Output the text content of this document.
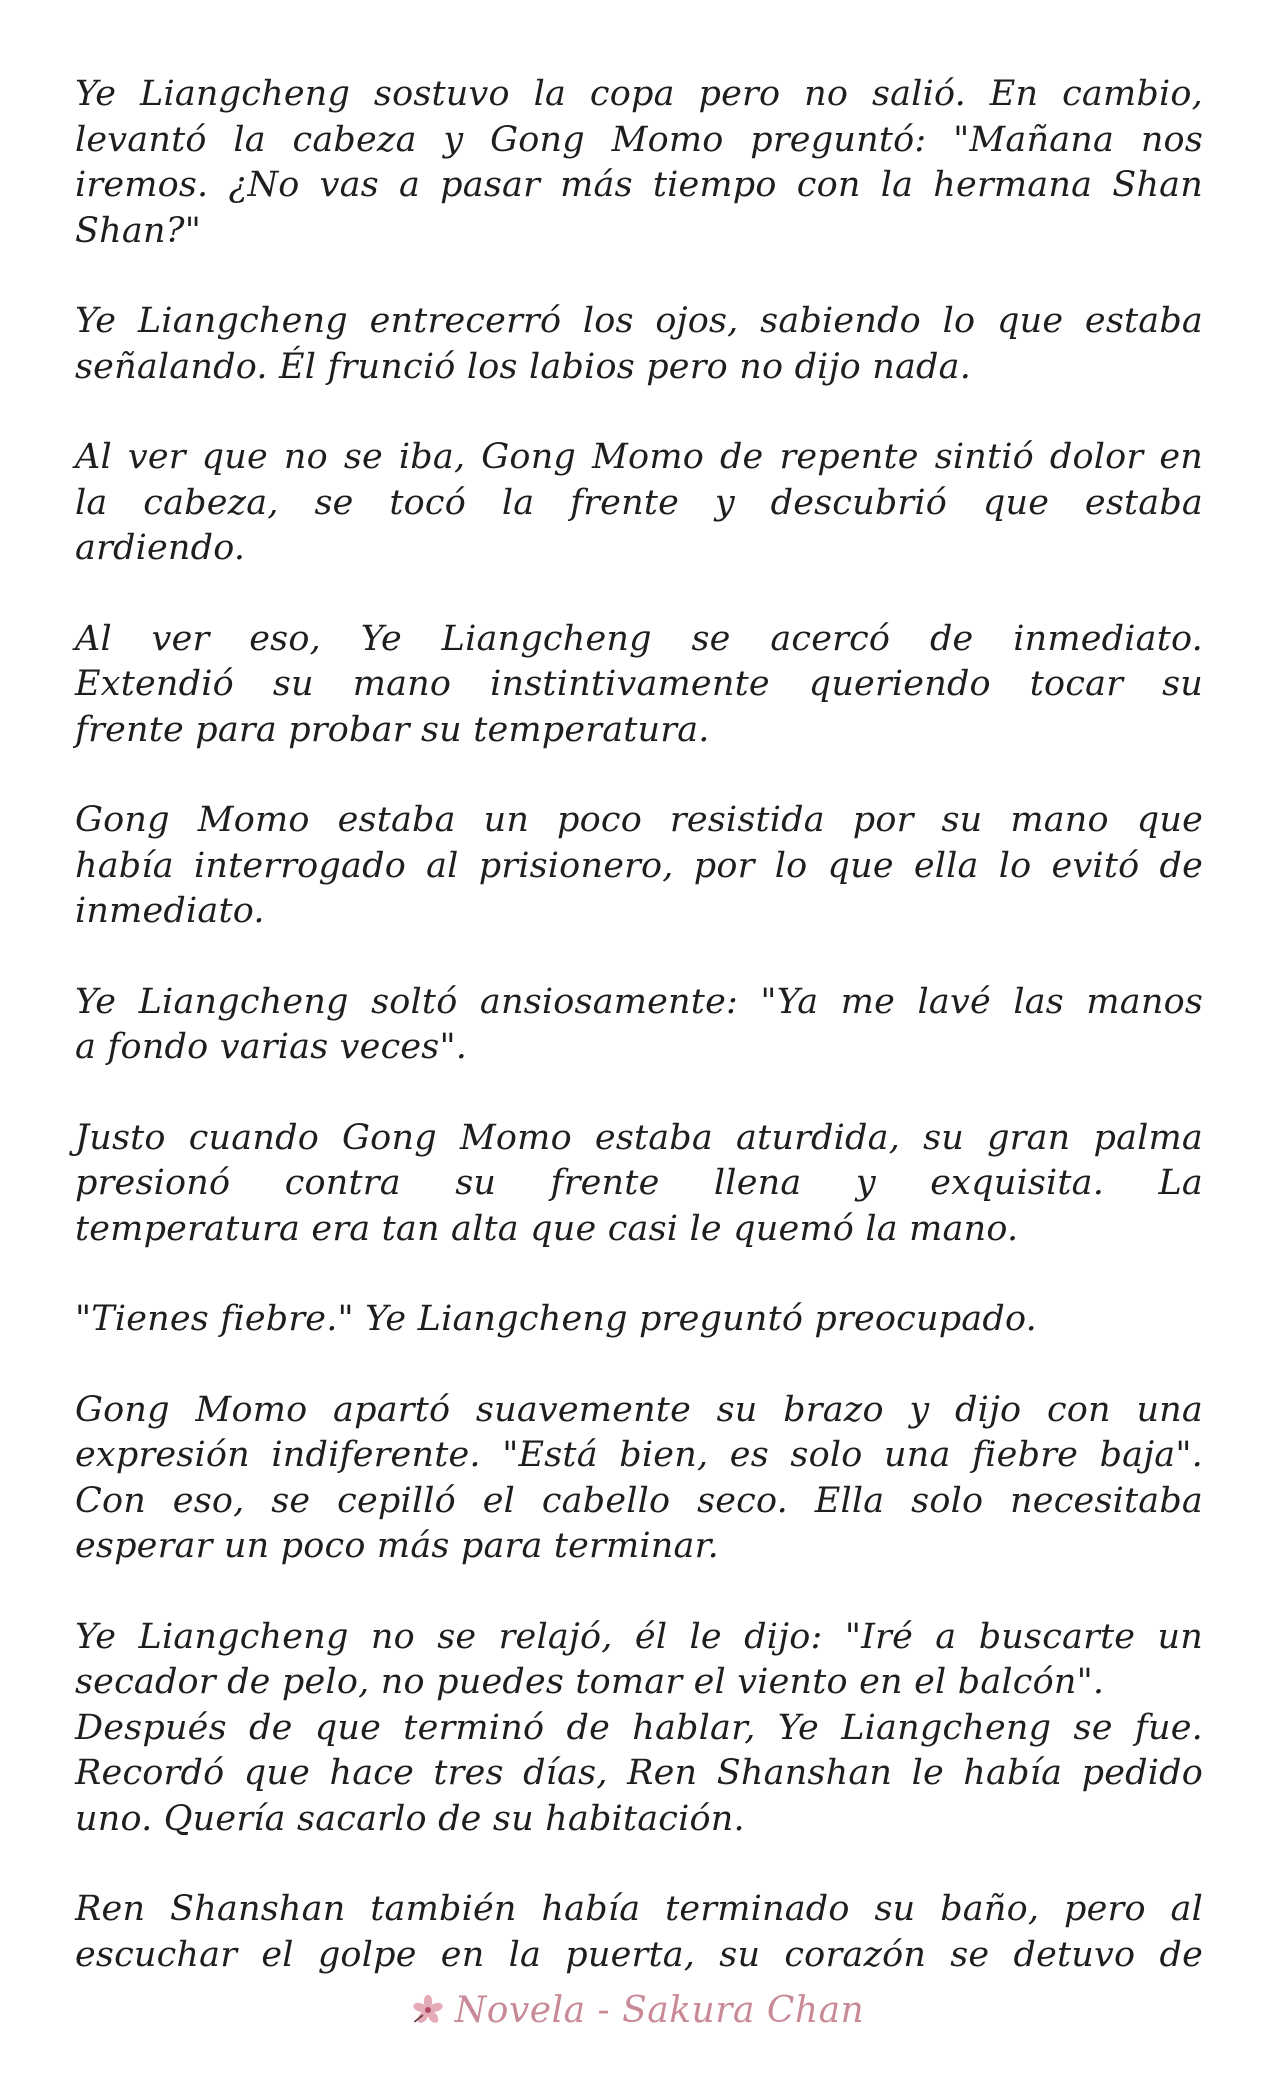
Ye Liangcheng sostuvo la copa pero no salió. En cambio,
levantó la cabeza y Gong Momo preguntó: "Mañana nos
iremos. ¿No vas a pasar más tiempo con la hermana Shan
Shan?"

Ye Liangcheng entrecerró los ojos, sabiendo lo que estaba
señalando. Él frunció los labios pero no dijo nada.

Al ver que no se iba, Gong Momo de repente sintió dolor en
la cabeza, se tocó la frente y descubrió que estaba
ardiendo.

Al ver eso, Ye Liangcheng se acercó de inmediato.
Extendió su mano instintivamente queriendo tocar su
frente para probar su temperatura.

Gong Momo estaba un poco resistida por su mano que
había interrogado al prisionero, por lo que ella lo evitó de
inmediato.

Ye Liangcheng soltó ansiosamente: "Ya me lavé las manos
a fondo varias veces".

Justo cuando Gong Momo estaba aturdida, su gran palma
presionó contra su frente llena y exquisita. La
temperatura era tan alta que casi le quemó la mano.

"Tienes fiebre." Ye Liangcheng preguntó preocupado.

Gong Momo apartó suavemente su brazo y dijo con una
expresión indiferente. "Está bien, es solo una fiebre baja".
Con eso, se cepilló el cabello seco. Ella solo necesitaba
esperar un poco más para terminar.

Ye Liangcheng no se relajó, él le dijo: "Iré a buscarte un
secador de pelo, no puedes tomar el viento en el balcón".
Después de que terminó de hablar, Ye Liangcheng se fue.
Recordó que hace tres días, Ren Shanshan le había pedido
uno. Quería sacarlo de su habitación.

Ren Shanshan también había terminado su baño, pero al
escuchar el golpe en la puerta, su corazón se detuvo de

Novela - Sakura Chan
